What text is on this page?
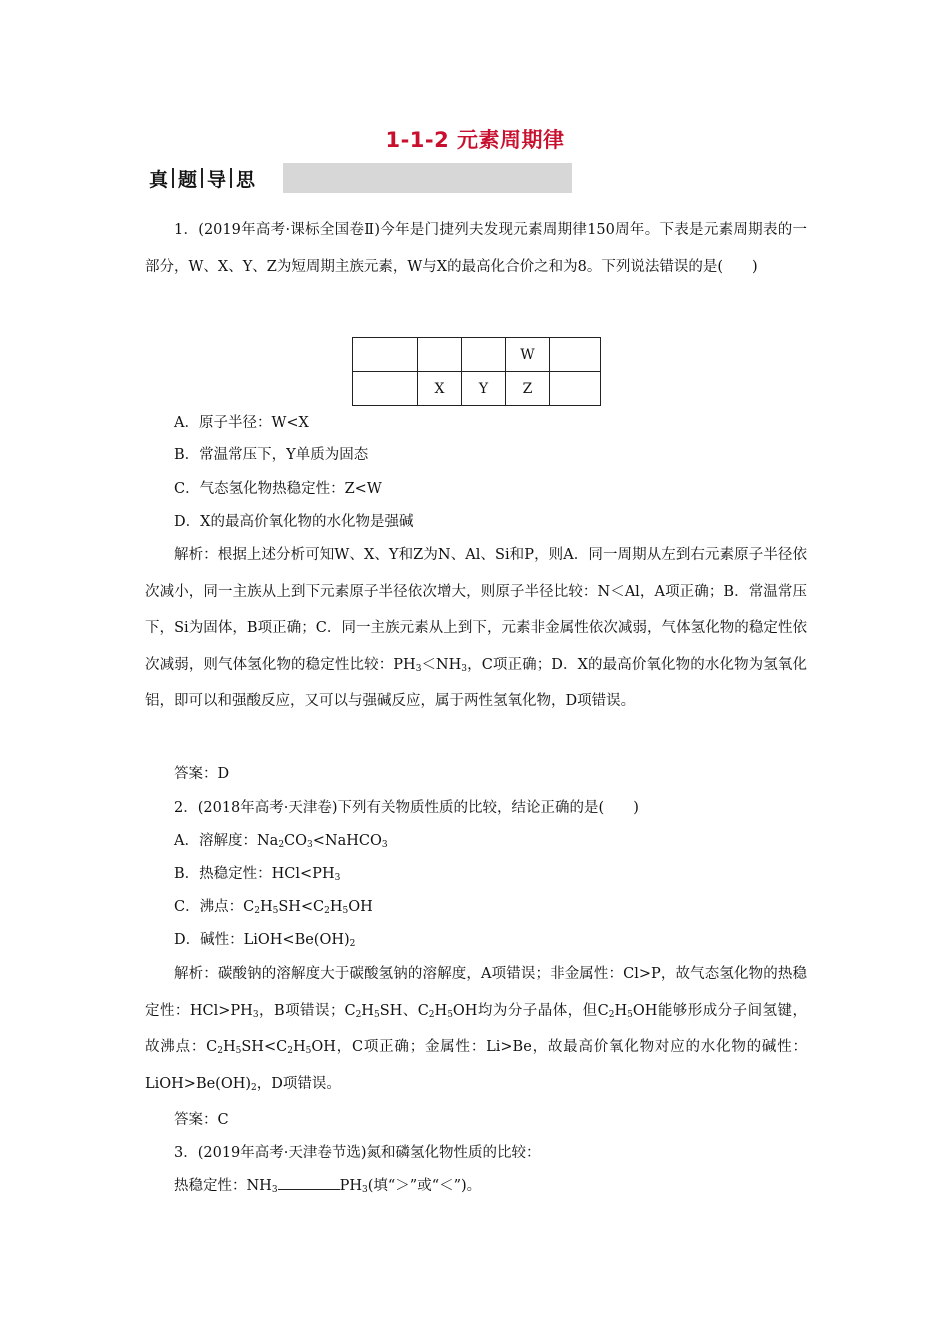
1-1-2 元素周期律
真 题 导 思
1．(2019年高考·课标全国卷Ⅱ)今年是门捷列夫发现元素周期律150周年。下表是元素周期表的一部分，W、X、Y、Z为短周期主族元素，W与X的最高化合价之和为8。下列说法错误的是(　　)
			W	
	X	Y	Z	
A．原子半径：W<X
B．常温常压下，Y单质为固态
C．气态氢化物热稳定性：Z<W
D．X的最高价氧化物的水化物是强碱
解析：根据上述分析可知W、X、Y和Z为N、Al、Si和P，则A．同一周期从左到右元素原子半径依次减小，同一主族从上到下元素原子半径依次增大，则原子半径比较：N＜Al，A项正确；B．常温常压下，Si为固体，B项正确；C．同一主族元素从上到下，元素非金属性依次减弱，气体氢化物的稳定性依次减弱，则气体氢化物的稳定性比较：$PH_3<NH_3$，C项正确；D．X的最高价氧化物的水化物为氢氧化铝，即可以和强酸反应，又可以与强碱反应，属于两性氢氧化物，D项错误。
答案：D
2．(2018年高考·天津卷)下列有关物质性质的比较，结论正确的是(　　)
A．溶解度：$Na_2CO_3<NaHCO_3$
B．热稳定性：$HCl<PH_3$
C．沸点：$C_2H_5SH<C_2H_5OH$
D．碱性：$LiOH<Be(OH)_2$
解析：碳酸钠的溶解度大于碳酸氢钠的溶解度，A项错误；非金属性：Cl>P，故气态氢化物的热稳定性：$HCl>PH_3$，B项错误；$C_2H_5SH$、$C_2H_5OH$均为分子晶体，但$C_2H_5OH$能够形成分子间氢键，故沸点：$C_2H_5SH<C_2H_5OH$，C项正确；金属性：Li>Be，故最高价氧化物对应的水化物的碱性：$LiOH>Be(OH)_2$，D项错误。
答案：C
3．(2019年高考·天津卷节选)氮和磷氢化物性质的比较：
热稳定性：$NH_3$	$PH_3$(填“＞”或“＜”)。
